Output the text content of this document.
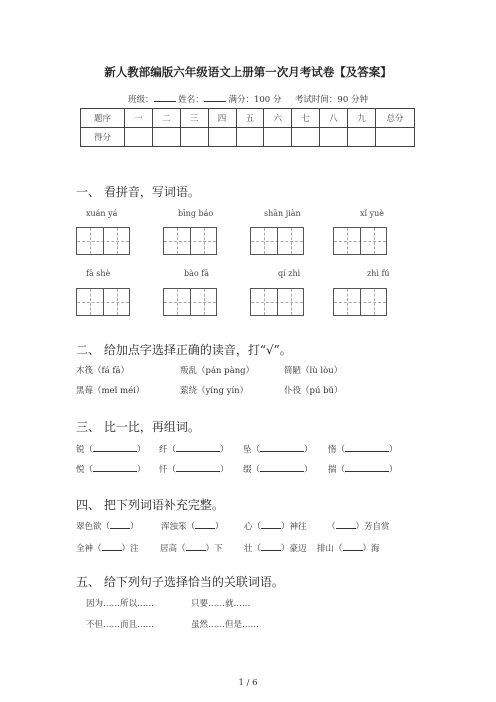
新人教部编版六年级语文上册第一次月考试卷【及答案】
班级：	姓名：	满分：100 分 考试时间：90 分钟
题序	一	二	三	四	五	六	七	八	九	总分
得分										
一、 看拼音，写词语。
xuán yá	bīng báo	shān jiàn	xǐ yuè
fā shè	bào fā	qí zhì	zhì fú
二、 给加点字选择正确的读音，打“√”。
木筏（fá fā）	叛乱（pán pàng）	简陋（lù lòu）
黑莓（meǐ méi）	萦绕（yíng yín）	仆役（pú bǔ）
三、 比一比，再组词。
锐（	） 纤（	） 坠（	） 惰（	）
悦（	） 忏（	） 缀（	） 揣（	）
四、 把下列词语补充完整。
翠色欲（ ）	浑浊笨（ ） 心（ ）神往 （ ）芳自赏
全神（ ）注	居高（ ）下	壮（ ）豪迈 排山（ ）海
五、 给下列句子选择恰当的关联词语。
因为……所以……	只要……就……
不但……而且……	虽然……但是……
1 / 6
